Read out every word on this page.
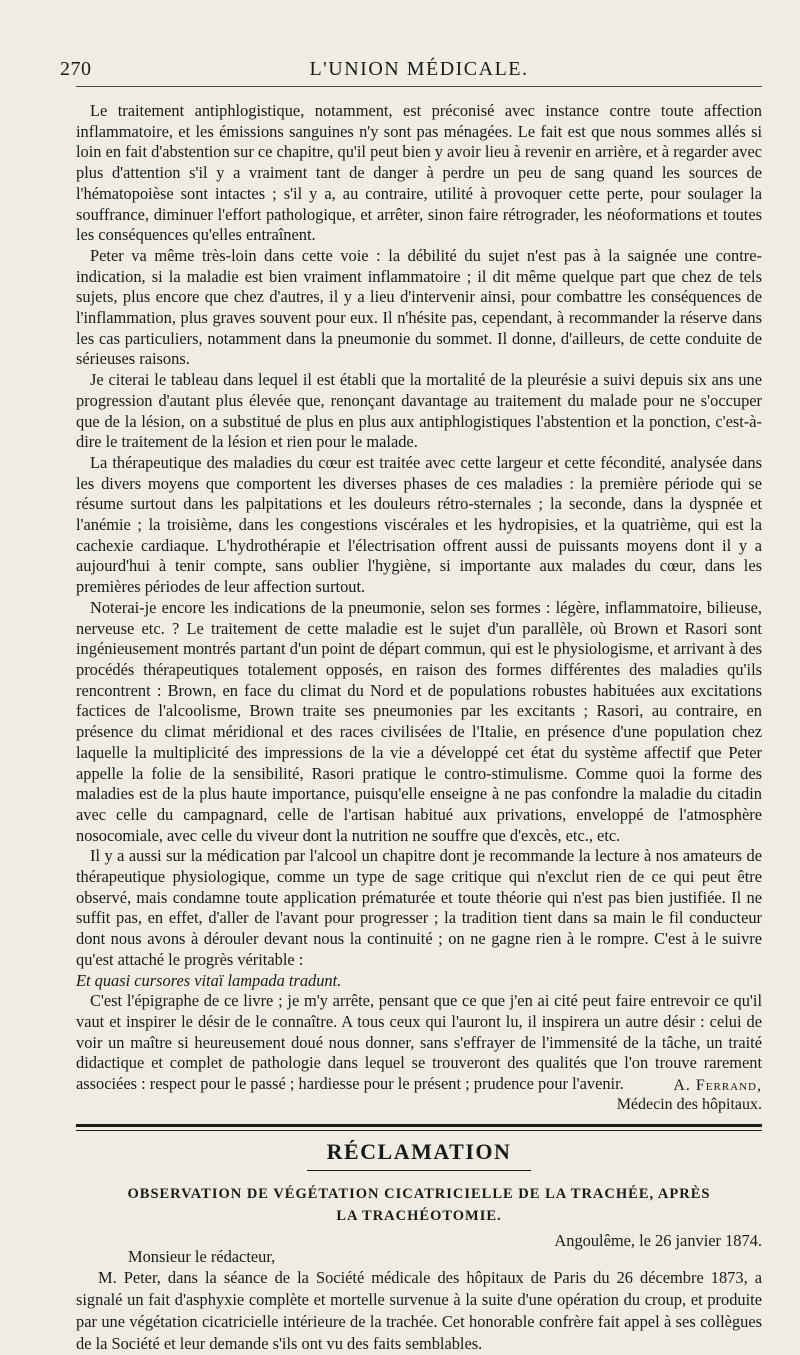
270	L'UNION MÉDICALE.

Le traitement antiphlogistique, notamment, est préconisé avec instance contre toute affection inflammatoire, et les émissions sanguines n'y sont pas ménagées. Le fait est que nous sommes allés si loin en fait d'abstention sur ce chapitre, qu'il peut bien y avoir lieu à revenir en arrière, et à regarder avec plus d'attention s'il y a vraiment tant de danger à perdre un peu de sang quand les sources de l'hématopoièse sont intactes ; s'il y a, au contraire, utilité à provoquer cette perte, pour soulager la souffrance, diminuer l'effort pathologique, et arrêter, sinon faire rétrograder, les néoformations et toutes les conséquences qu'elles entraînent.

Peter va même très-loin dans cette voie : la débilité du sujet n'est pas à la saignée une contre-indication, si la maladie est bien vraiment inflammatoire ; il dit même quelque part que chez de tels sujets, plus encore que chez d'autres, il y a lieu d'intervenir ainsi, pour combattre les conséquences de l'inflammation, plus graves souvent pour eux. Il n'hésite pas, cependant, à recommander la réserve dans les cas particuliers, notamment dans la pneumonie du sommet. Il donne, d'ailleurs, de cette conduite de sérieuses raisons.

Je citerai le tableau dans lequel il est établi que la mortalité de la pleurésie a suivi depuis six ans une progression d'autant plus élevée que, renonçant davantage au traitement du malade pour ne s'occuper que de la lésion, on a substitué de plus en plus aux antiphlogistiques l'abstention et la ponction, c'est-à-dire le traitement de la lésion et rien pour le malade.

La thérapeutique des maladies du cœur est traitée avec cette largeur et cette fécondité, analysée dans les divers moyens que comportent les diverses phases de ces maladies : la première période qui se résume surtout dans les palpitations et les douleurs rétro-sternales ; la seconde, dans la dyspnée et l'anémie ; la troisième, dans les congestions viscérales et les hydropisies, et la quatrième, qui est la cachexie cardiaque. L'hydrothérapie et l'électrisation offrent aussi de puissants moyens dont il y a aujourd'hui à tenir compte, sans oublier l'hygiène, si importante aux malades du cœur, dans les premières périodes de leur affection surtout.

Noterai-je encore les indications de la pneumonie, selon ses formes : légère, inflammatoire, bilieuse, nerveuse etc. ? Le traitement de cette maladie est le sujet d'un parallèle, où Brown et Rasori sont ingénieusement montrés partant d'un point de départ commun, qui est le physiologisme, et arrivant à des procédés thérapeutiques totalement opposés, en raison des formes différentes des maladies qu'ils rencontrent : Brown, en face du climat du Nord et de populations robustes habituées aux excitations factices de l'alcoolisme, Brown traite ses pneumonies par les excitants ; Rasori, au contraire, en présence du climat méridional et des races civilisées de l'Italie, en présence d'une population chez laquelle la multiplicité des impressions de la vie a développé cet état du système affectif que Peter appelle la folie de la sensibilité, Rasori pratique le contro-stimulisme. Comme quoi la forme des maladies est de la plus haute importance, puisqu'elle enseigne à ne pas confondre la maladie du citadin avec celle du campagnard, celle de l'artisan habitué aux privations, enveloppé de l'atmosphère nosocomiale, avec celle du viveur dont la nutrition ne souffre que d'excès, etc., etc.

Il y a aussi sur la médication par l'alcool un chapitre dont je recommande la lecture à nos amateurs de thérapeutique physiologique, comme un type de sage critique qui n'exclut rien de ce qui peut être observé, mais condamne toute application prématurée et toute théorie qui n'est pas bien justifiée. Il ne suffit pas, en effet, d'aller de l'avant pour progresser ; la tradition tient dans sa main le fil conducteur dont nous avons à dérouler devant nous la continuité ; on ne gagne rien à le rompre. C'est à le suivre qu'est attaché le progrès véritable :

Et quasi cursores vitaï lampada tradunt.

C'est l'épigraphe de ce livre ; je m'y arrête, pensant que ce que j'en ai cité peut faire entrevoir ce qu'il vaut et inspirer le désir de le connaître. A tous ceux qui l'auront lu, il inspirera un autre désir : celui de voir un maître si heureusement doué nous donner, sans s'effrayer de l'immensité de la tâche, un traité didactique et complet de pathologie dans lequel se trouveront des qualités que l'on trouve rarement associées : respect pour le passé ; hardiesse pour le présent ; prudence pour l'avenir.	A. Ferrand,
Médecin des hôpitaux.
RÉCLAMATION
OBSERVATION DE VÉGÉTATION CICATRICIELLE DE LA TRACHÉE, APRÈS LA TRACHÉOTOMIE.
Angoulême, le 26 janvier 1874.
Monsieur le rédacteur,

M. Peter, dans la séance de la Société médicale des hôpitaux de Paris du 26 décembre 1873, a signalé un fait d'asphyxie complète et mortelle survenue à la suite d'une opération du croup, et produite par une végétation cicatricielle intérieure de la trachée. Cet honorable confrère fait appel à ses collègues de la Société et leur demande s'ils ont vu des faits semblables.
